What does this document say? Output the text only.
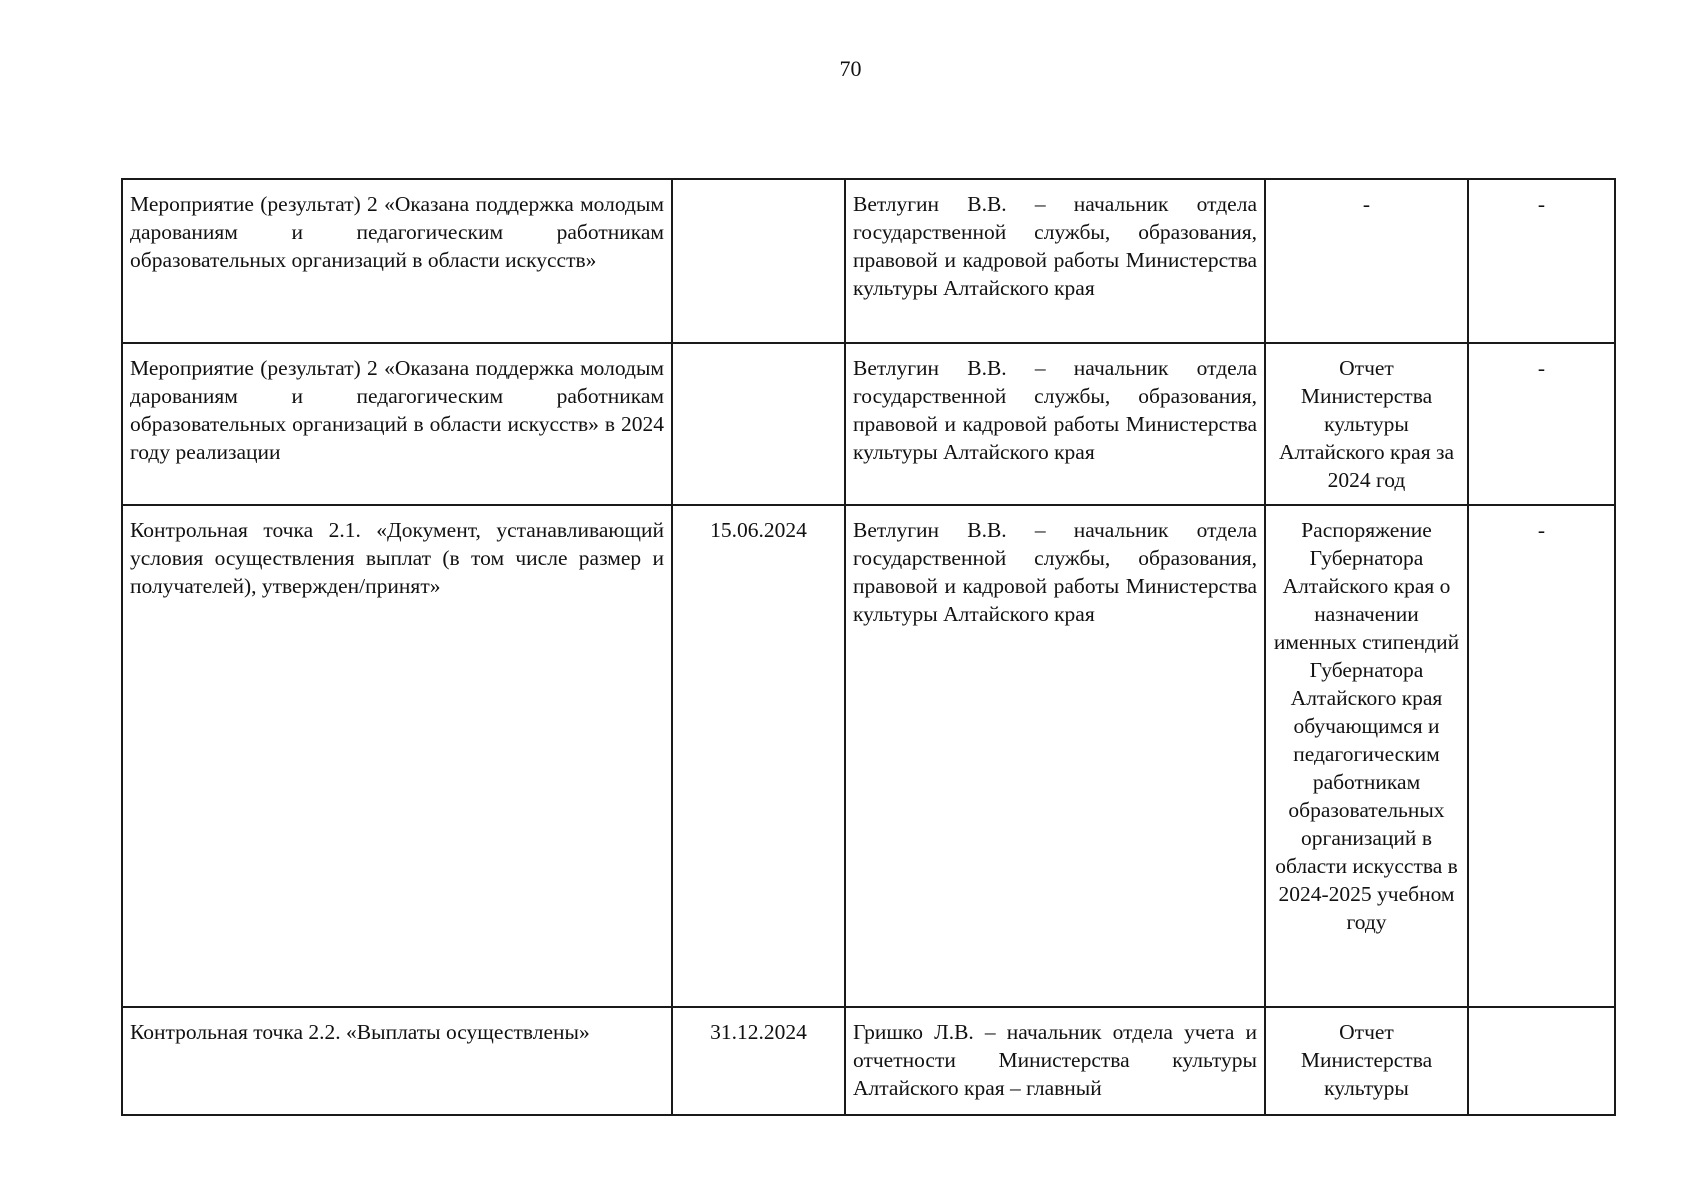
70
Мероприятие (результат) 2 «Оказана поддержка молодым дарованиям и педагогическим работникам образовательных организаций в области искусств»		Ветлугин В.В. – начальник отдела государственной службы, образования, правовой и кадровой работы Министерства культуры Алтайского края	-	-
Мероприятие (результат) 2 «Оказана поддержка молодым дарованиям и педагогическим работникам образовательных организаций в области искусств» в 2024 году реализации		Ветлугин В.В. – начальник отдела государственной службы, образования, правовой и кадровой работы Министерства культуры Алтайского края	Отчет Министерства культуры Алтайского края за 2024 год	-
Контрольная точка 2.1. «Документ, устанавливающий условия осуществления выплат (в том числе размер и получателей), утвержден/принят»	15.06.2024	Ветлугин В.В. – начальник отдела государственной службы, образования, правовой и кадровой работы Министерства культуры Алтайского края	Распоряжение Губернатора Алтайского края о назначении именных стипендий Губернатора Алтайского края обучающимся и педагогическим работникам образовательных организаций в области искусства в 2024-2025 учебном году	-
Контрольная точка 2.2. «Выплаты осуществлены»	31.12.2024	Гришко Л.В. – начальник отдела учета и отчетности Министерства культуры Алтайского края – главный	Отчет Министерства культуры	
